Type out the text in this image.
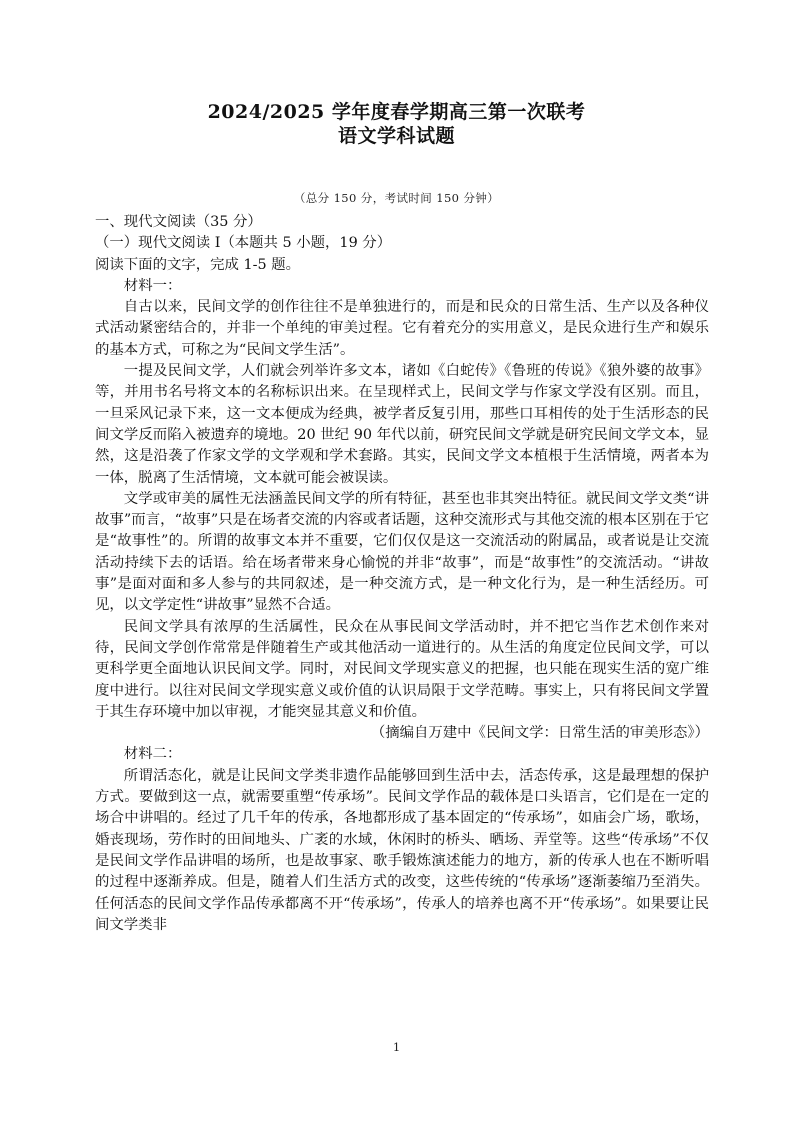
2024/2025 学年度春学期高三第一次联考
语文学科试题
（总分 150 分，考试时间 150 分钟）

一、现代文阅读（35 分）

（一）现代文阅读 I（本题共 5 小题，19 分）

阅读下面的文字，完成 1-5 题。

材料一：

自古以来，民间文学的创作往往不是单独进行的，而是和民众的日常生活、生产以及各种仪式活动紧密结合的，并非一个单纯的审美过程。它有着充分的实用意义，是民众进行生产和娱乐的基本方式，可称之为“民间文学生活”。

一提及民间文学，人们就会列举许多文本，诸如《白蛇传》《鲁班的传说》《狼外婆的故事》等，并用书名号将文本的名称标识出来。在呈现样式上，民间文学与作家文学没有区别。而且，一旦采风记录下来，这一文本便成为经典，被学者反复引用，那些口耳相传的处于生活形态的民间文学反而陷入被遗弃的境地。20 世纪 90 年代以前，研究民间文学就是研究民间文学文本，显然，这是沿袭了作家文学的文学观和学术套路。其实，民间文学文本植根于生活情境，两者本为一体，脱离了生活情境，文本就可能会被误读。

文学或审美的属性无法涵盖民间文学的所有特征，甚至也非其突出特征。就民间文学文类“讲故事”而言，“故事”只是在场者交流的内容或者话题，这种交流形式与其他交流的根本区别在于它是“故事性”的。所谓的故事文本并不重要，它们仅仅是这一交流活动的附属品，或者说是让交流活动持续下去的话语。给在场者带来身心愉悦的并非“故事”，而是“故事性”的交流活动。“讲故事”是面对面和多人参与的共同叙述，是一种交流方式，是一种文化行为，是一种生活经历。可见，以文学定性“讲故事”显然不合适。

民间文学具有浓厚的生活属性，民众在从事民间文学活动时，并不把它当作艺术创作来对待，民间文学创作常常是伴随着生产或其他活动一道进行的。从生活的角度定位民间文学，可以更科学更全面地认识民间文学。同时，对民间文学现实意义的把握，也只能在现实生活的宽广维度中进行。以往对民间文学现实意义或价值的认识局限于文学范畴。事实上，只有将民间文学置于其生存环境中加以审视，才能突显其意义和价值。

（摘编自万建中《民间文学：日常生活的审美形态》）

材料二：

所谓活态化，就是让民间文学类非遗作品能够回到生活中去，活态传承，这是最理想的保护方式。要做到这一点，就需要重塑“传承场”。民间文学作品的载体是口头语言，它们是在一定的场合中讲唱的。经过了几千年的传承，各地都形成了基本固定的“传承场”，如庙会广场，歌场，婚丧现场，劳作时的田间地头、广袤的水域，休闲时的桥头、晒场、弄堂等。这些“传承场”不仅是民间文学作品讲唱的场所，也是故事家、歌手锻炼演述能力的地方，新的传承人也在不断听唱的过程中逐渐养成。但是，随着人们生活方式的改变，这些传统的“传承场”逐渐萎缩乃至消失。任何活态的民间文学作品传承都离不开“传承场”，传承人的培养也离不开“传承场”。如果要让民间文学类非

1
